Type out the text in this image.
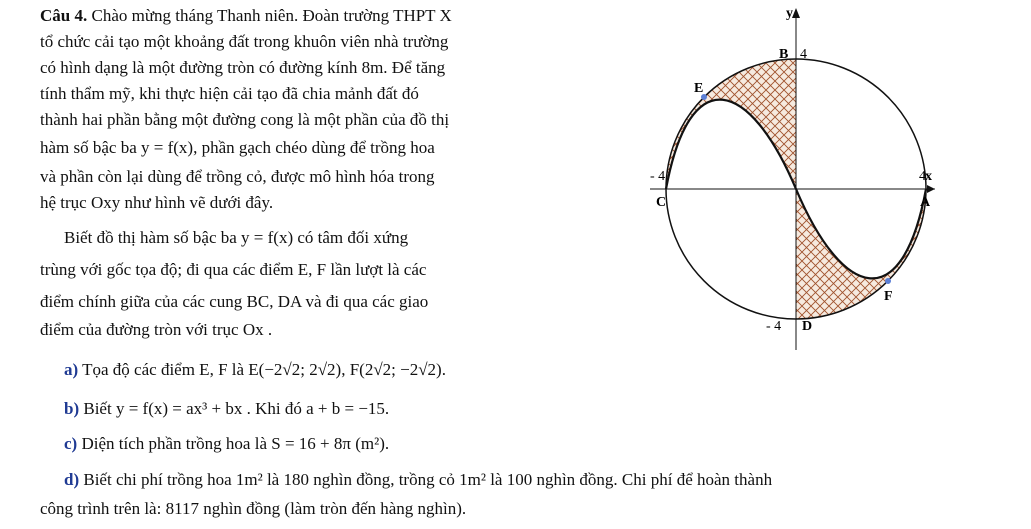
Câu 4. Chào mừng tháng Thanh niên. Đoàn trường THPT X
tổ chức cải tạo một khoảng đất trong khuôn viên nhà trường
có hình dạng là một đường tròn có đường kính 8m. Để tăng
tính thẩm mỹ, khi thực hiện cải tạo đã chia mảnh đất đó
thành hai phần bằng một đường cong là một phần của đồ thị
hàm số bậc ba y = f(x), phần gạch chéo dùng để trồng hoa
và phần còn lại dùng để trồng cỏ, được mô hình hóa trong
hệ trục Oxy như hình vẽ dưới đây.
Biết đồ thị hàm số bậc ba y = f(x) có tâm đối xứng
trùng với gốc tọa độ; đi qua các điểm E, F lần lượt là các
điểm chính giữa của các cung BC, DA và đi qua các giao
điểm của đường tròn với trục Ox .
a) Tọa độ các điểm E, F là E(−2√2; 2√2), F(2√2; −2√2).
b) Biết y = f(x) = ax³ + bx . Khi đó a + b = −15.
c) Diện tích phần trồng hoa là S = 16 + 8π (m²).
d) Biết chi phí trồng hoa 1m² là 180 nghìn đồng, trồng cỏ 1m² là 100 nghìn đồng. Chi phí để hoàn thành
công trình trên là: 8117 nghìn đồng (làm tròn đến hàng nghìn).
y
x
B 4
E
- 4
C
4
A
F
- 4 D
